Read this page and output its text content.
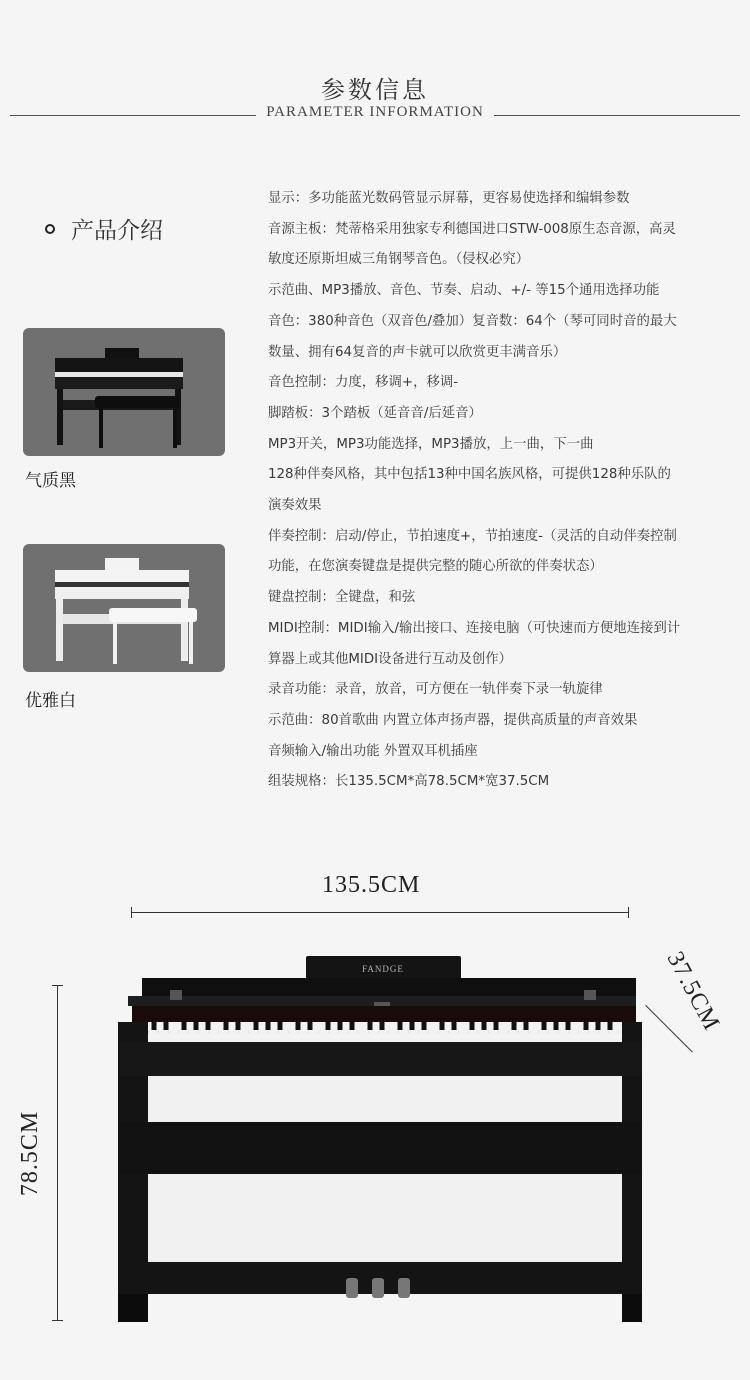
参数信息
PARAMETER INFORMATION
产品介绍
气质黑
优雅白
显示：多功能蓝光数码管显示屏幕，更容易使选择和编辑参数
音源主板：梵蒂格采用独家专利德国进口STW-008原生态音源，高灵
敏度还原斯坦威三角钢琴音色。（侵权必究）
示范曲、MP3播放、音色、节奏、启动、+/- 等15个通用选择功能
音色：380种音色（双音色/叠加）复音数：64个（琴可同时音的最大
数量、拥有64复音的声卡就可以欣赏更丰满音乐）
音色控制：力度，移调+，移调-
脚踏板：3个踏板（延音音/后延音）
MP3开关，MP3功能选择，MP3播放，上一曲，下一曲
128种伴奏风格，其中包括13种中国名族风格，可提供128种乐队的
演奏效果
伴奏控制：启动/停止，节拍速度+，节拍速度-（灵活的自动伴奏控制
功能，在您演奏键盘是提供完整的随心所欲的伴奏状态）
键盘控制：全键盘，和弦
MIDI控制：MIDI输入/输出接口、连接电脑（可快速而方便地连接到计
算器上或其他MIDI设备进行互动及创作）
录音功能：录音，放音，可方便在一轨伴奏下录一轨旋律
示范曲：80首歌曲 内置立体声扬声器，提供高质量的声音效果
音频输入/输出功能 外置双耳机插座
组装规格：长135.5CM*高78.5CM*宽37.5CM
135.5CM
78.5CM
37.5CM
FANDGE
